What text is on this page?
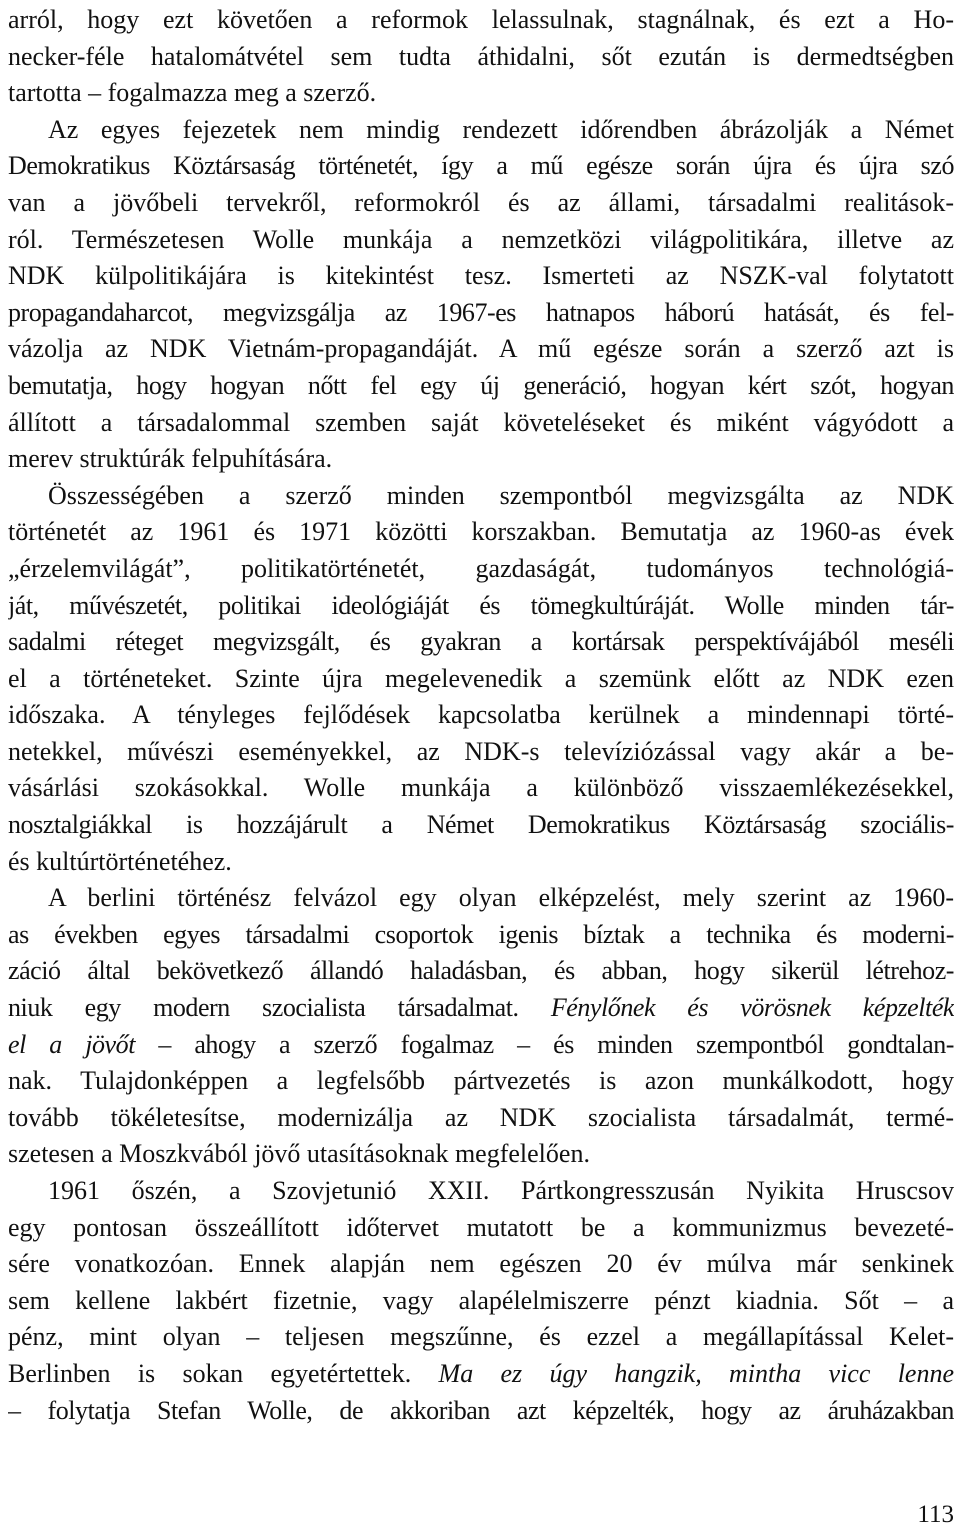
arról, hogy ezt követően a reformok lelassulnak, stagnálnak, és ezt a Ho-
necker-féle hatalomátvétel sem tudta áthidalni, sőt ezután is dermedtségben
tartotta – fogalmazza meg a szerző.
Az egyes fejezetek nem mindig rendezett időrendben ábrázolják a Német
Demokratikus Köztársaság történetét, így a mű egésze során újra és újra szó
van a jövőbeli tervekről, reformokról és az állami, társadalmi realitások-
ról. Természetesen Wolle munkája a nemzetközi világpolitikára, illetve az
NDK külpolitikájára is kitekintést tesz. Ismerteti az NSZK-val folytatott
propagandaharcot, megvizsgálja az 1967-es hatnapos háború hatását, és fel-
vázolja az NDK Vietnám-propagandáját. A mű egésze során a szerző azt is
bemutatja, hogy hogyan nőtt fel egy új generáció, hogyan kért szót, hogyan
állított a társadalommal szemben saját követeléseket és miként vágyódott a
merev struktúrák felpuhítására.
Összességében a szerző minden szempontból megvizsgálta az NDK
történetét az 1961 és 1971 közötti korszakban. Bemutatja az 1960-as évek
„érzelemvilágát”, politikatörténetét, gazdaságát, tudományos technológiá-
ját, művészetét, politikai ideológiáját és tömegkultúráját. Wolle minden tár-
sadalmi réteget megvizsgált, és gyakran a kortársak perspektívájából meséli
el a történeteket. Szinte újra megelevenedik a szemünk előtt az NDK ezen
időszaka. A tényleges fejlődések kapcsolatba kerülnek a mindennapi törté-
netekkel, művészi eseményekkel, az NDK-s televíziózással vagy akár a be-
vásárlási szokásokkal. Wolle munkája a különböző visszaemlékezésekkel,
nosztalgiákkal is hozzájárult a Német Demokratikus Köztársaság szociális-
és kultúrtörténetéhez.
A berlini történész felvázol egy olyan elképzelést, mely szerint az 1960-
as években egyes társadalmi csoportok igenis bíztak a technika és moderni-
záció által bekövetkező állandó haladásban, és abban, hogy sikerül létrehoz-
niuk egy modern szocialista társadalmat. Fénylőnek és vörösnek képzelték
el a jövőt – ahogy a szerző fogalmaz – és minden szempontból gondtalan-
nak. Tulajdonképpen a legfelsőbb pártvezetés is azon munkálkodott, hogy
tovább tökéletesítse, modernizálja az NDK szocialista társadalmát, termé-
szetesen a Moszkvából jövő utasításoknak megfelelően.
1961 őszén, a Szovjetunió XXII. Pártkongresszusán Nyikita Hruscsov
egy pontosan összeállított időtervet mutatott be a kommunizmus bevezeté-
sére vonatkozóan. Ennek alapján nem egészen 20 év múlva már senkinek
sem kellene lakbért fizetnie, vagy alapélelmiszerre pénzt kiadnia. Sőt – a
pénz, mint olyan – teljesen megszűnne, és ezzel a megállapítással Kelet-
Berlinben is sokan egyetértettek. Ma ez úgy hangzik, mintha vicc lenne
– folytatja Stefan Wolle, de akkoriban azt képzelték, hogy az áruházakban
113
